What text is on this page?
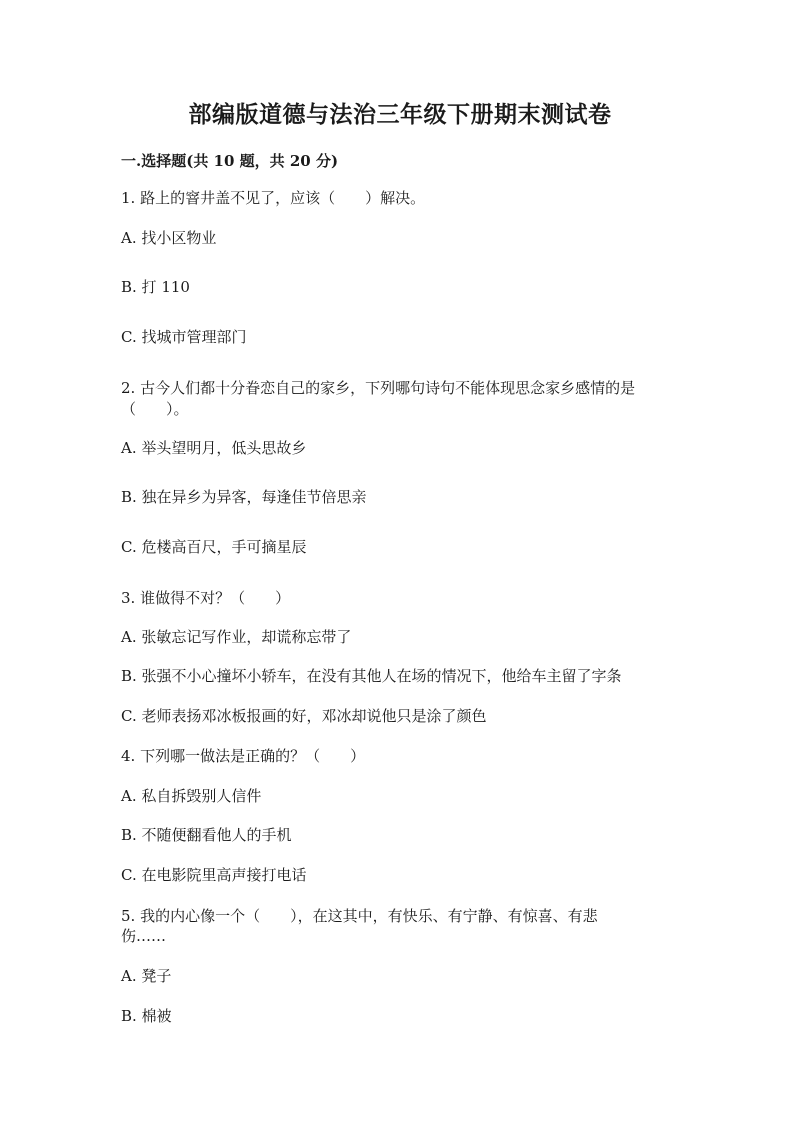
部编版道德与法治三年级下册期末测试卷
一.选择题(共 10 题，共 20 分)
1. 路上的窨井盖不见了，应该（　　）解决。
A. 找小区物业
B. 打 110
C. 找城市管理部门
2. 古今人们都十分眷恋自己的家乡，下列哪句诗句不能体现思念家乡感情的是
（　　）。
A. 举头望明月，低头思故乡
B. 独在异乡为异客，每逢佳节倍思亲
C. 危楼高百尺，手可摘星辰
3. 谁做得不对？（　　）
A. 张敏忘记写作业，却谎称忘带了
B. 张强不小心撞坏小轿车，在没有其他人在场的情况下，他给车主留了字条
C. 老师表扬邓冰板报画的好，邓冰却说他只是涂了颜色
4. 下列哪一做法是正确的？（　　）
A. 私自拆毁别人信件
B. 不随便翻看他人的手机
C. 在电影院里高声接打电话
5. 我的内心像一个（　　），在这其中，有快乐、有宁静、有惊喜、有悲
伤……
A. 凳子
B. 棉被
